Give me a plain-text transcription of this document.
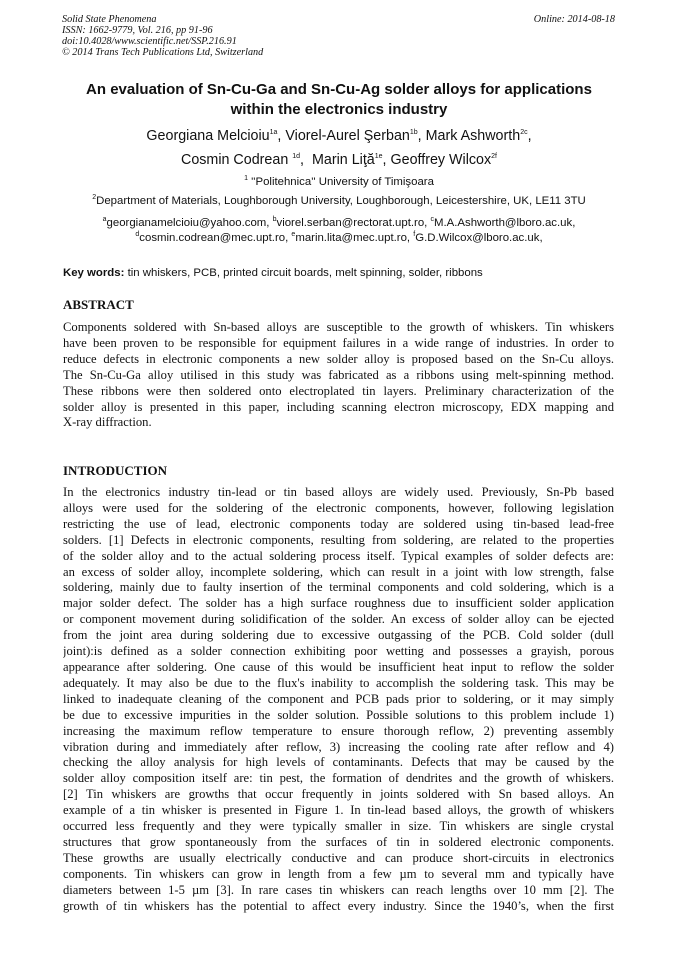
Solid State Phenomena
ISSN: 1662-9779, Vol. 216, pp 91-96
doi:10.4028/www.scientific.net/SSP.216.91
© 2014 Trans Tech Publications Ltd, Switzerland
Online: 2014-08-18
An evaluation of Sn-Cu-Ga and Sn-Cu-Ag solder alloys for applications
within the electronics industry
Georgiana Melcioiu$^{1a}$, Viorel-Aurel Şerban$^{1b}$, Mark Ashworth$^{2c}$,
Cosmin Codrean $^{1d}$,  Marin Liţă$^{1e}$, Geoffrey Wilcox$^{2f}$
$^1$ ''Politehnica'' University of Timişoara
$^2$Department of Materials, Loughborough University, Loughborough, Leicestershire, UK, LE11 3TU
$^a$georgianamelcioiu@yahoo.com, $^b$viorel.serban@rectorat.upt.ro, $^c$M.A.Ashworth@lboro.ac.uk,
$^d$cosmin.codrean@mec.upt.ro, $^e$marin.lita@mec.upt.ro, $^f$G.D.Wilcox@lboro.ac.uk,
Key words: tin whiskers, PCB, printed circuit boards, melt spinning, solder, ribbons
ABSTRACT
Components soldered with Sn-based alloys are susceptible to the growth of whiskers. Tin whiskers
have been proven to be responsible for equipment failures in a wide range of industries. In order to
reduce defects in electronic components a new solder alloy is proposed based on the Sn-Cu alloys.
The Sn-Cu-Ga alloy utilised in this study was fabricated as a ribbons using melt-spinning method.
These ribbons were then soldered onto electroplated tin layers. Preliminary characterization of the
solder alloy is presented in this paper, including scanning electron microscopy, EDX mapping and
X-ray diffraction.
INTRODUCTION
In the electronics industry tin-lead or tin based alloys are widely used. Previously, Sn-Pb based
alloys were used for the soldering of the electronic components, however, following legislation
restricting the use of lead, electronic components today are soldered using tin-based lead-free
solders. [1] Defects in electronic components, resulting from soldering, are related to the properties
of the solder alloy and to the actual soldering process itself. Typical examples of solder defects are:
an excess of solder alloy, incomplete soldering, which can result in a joint with low strength, false
soldering, mainly due to faulty insertion of the terminal components and cold soldering, which is a
major solder defect. The solder has a high surface roughness due to insufficient solder application
or component movement during solidification of the solder. An excess of solder alloy can be ejected
from the joint area during soldering due to excessive outgassing of the PCB. Cold solder (dull
joint):is defined as a solder connection exhibiting poor wetting and possesses a grayish, porous
appearance after soldering. One cause of this would be insufficient heat input to reflow the solder
adequately. It may also be due to the flux's inability to accomplish the soldering task. This may be
linked to inadequate cleaning of the component and PCB pads prior to soldering, or it may simply
be due to excessive impurities in the solder solution. Possible solutions to this problem include 1)
increasing the maximum reflow temperature to ensure thorough reflow, 2) preventing assembly
vibration during and immediately after reflow, 3) increasing the cooling rate after reflow and 4)
checking the alloy analysis for high levels of contaminants. Defects that may be caused by the
solder alloy composition itself are: tin pest, the formation of dendrites and the growth of whiskers.
[2] Tin whiskers are growths that occur frequently in joints soldered with Sn based alloys. An
example of a tin whisker is presented in Figure 1. In tin-lead based alloys, the growth of whiskers
occurred less frequently and they were typically smaller in size. Tin whiskers are single crystal
structures that grow spontaneously from the surfaces of tin in soldered electronic components.
These growths are usually electrically conductive and can produce short-circuits in electronics
components. Tin whiskers can grow in length from a few µm to several mm and typically have
diameters between 1-5 µm [3]. In rare cases tin whiskers can reach lengths over 10 mm [2]. The
growth of tin whiskers has the potential to affect every industry. Since the 1940’s, when the first
